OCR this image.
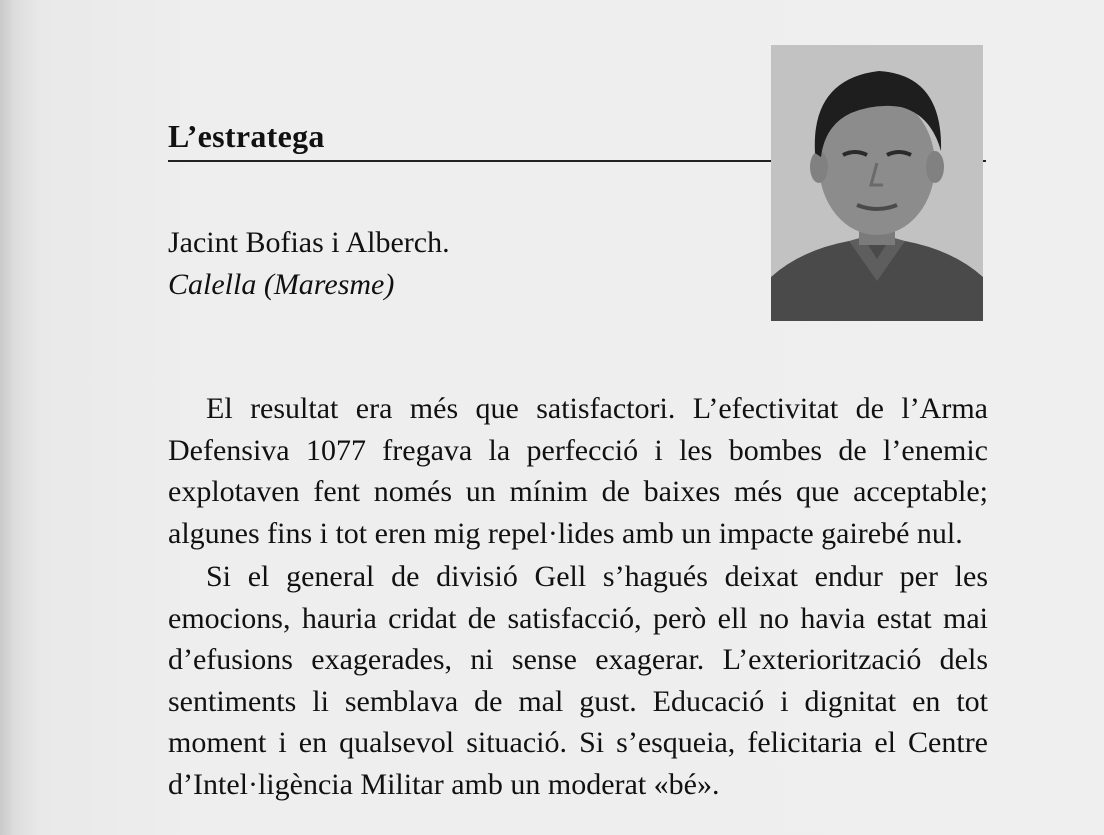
L’estratega
Jacint Bofias i Alberch.
Calella (Maresme)

El resultat era més que satisfactori. L’efectivitat de l’Arma Defensiva 1077 fregava la perfecció i les bombes de l’enemic explotaven fent només un mínim de baixes més que acceptable; algunes fins i tot eren mig repel·lides amb un impacte gairebé nul.

Si el general de divisió Gell s’hagués deixat endur per les emocions, hauria cridat de satisfacció, però ell no havia estat mai d’efusions exagerades, ni sense exagerar. L’exteriorització dels sentiments li semblava de mal gust. Educació i dignitat en tot moment i en qualsevol situació. Si s’esqueia, felicitaria el Centre d’Intel·ligència Militar amb un moderat «bé».
